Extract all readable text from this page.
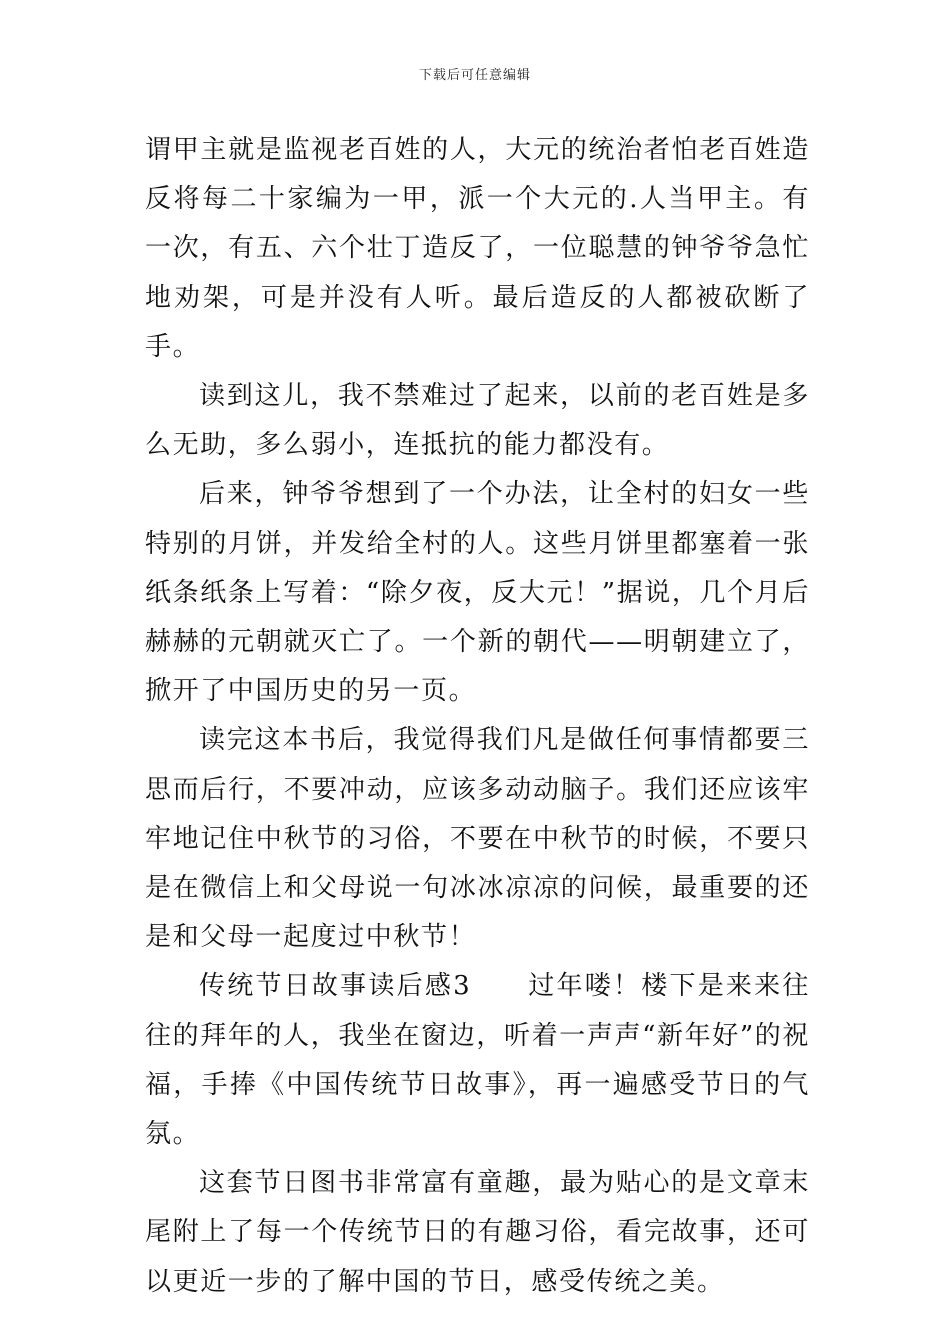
下载后可任意编辑

谓甲主就是监视老百姓的人，大元的统治者怕老百姓造反将每二十家编为一甲，派一个大元的.人当甲主。有一次，有五、六个壮丁造反了，一位聪慧的钟爷爷急忙地劝架，可是并没有人听。最后造反的人都被砍断了手。

读到这儿，我不禁难过了起来，以前的老百姓是多么无助，多么弱小，连抵抗的能力都没有。

后来，钟爷爷想到了一个办法，让全村的妇女一些特别的月饼，并发给全村的人。这些月饼里都塞着一张纸条纸条上写着：“除夕夜，反大元！”据说，几个月后赫赫的元朝就灭亡了。一个新的朝代——明朝建立了，掀开了中国历史的另一页。

读完这本书后，我觉得我们凡是做任何事情都要三思而后行，不要冲动，应该多动动脑子。我们还应该牢牢地记住中秋节的习俗，不要在中秋节的时候，不要只是在微信上和父母说一句冰冰凉凉的问候，最重要的还是和父母一起度过中秋节！

传统节日故事读后感3　　过年喽！楼下是来来往往的拜年的人，我坐在窗边，听着一声声“新年好”的祝福，手捧《中国传统节日故事》，再一遍感受节日的气氛。

这套节日图书非常富有童趣，最为贴心的是文章末尾附上了每一个传统节日的有趣习俗，看完故事，还可以更近一步的了解中国的节日，感受传统之美。
